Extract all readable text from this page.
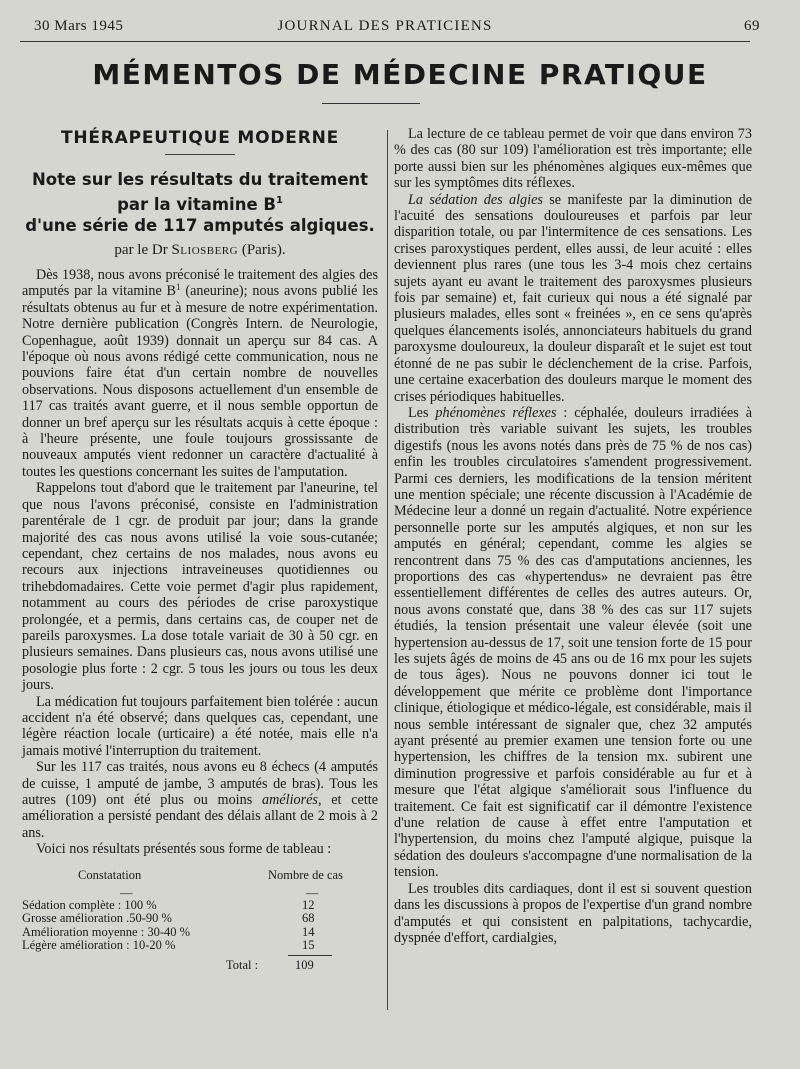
30 Mars 1945	JOURNAL DES PRATICIENS	69
MÉMENTOS DE MÉDECINE PRATIQUE
THÉRAPEUTIQUE MODERNE
Note sur les résultats du traitement
par la vitamine $B^1$
d'une série de 117 amputés algiques.
par le Dr Sliosberg (Paris).

Dès 1938, nous avons préconisé le traitement des algies des amputés par la vitamine $B^1$ (aneurine); nous avons publié les résultats obtenus au fur et à mesure de notre expérimentation. Notre dernière publication (Congrès Intern. de Neurologie, Copenhague, août 1939) donnait un aperçu sur 84 cas. A l'époque où nous avons rédigé cette communication, nous ne pouvions faire état d'un certain nombre de nouvelles observations. Nous disposons actuellement d'un ensemble de 117 cas traités avant guerre, et il nous semble opportun de donner un bref aperçu sur les résultats acquis à cette époque : à l'heure présente, une foule toujours grossissante de nouveaux amputés vient redonner un caractère d'actualité à toutes les questions concernant les suites de l'amputation.

Rappelons tout d'abord que le traitement par l'aneurine, tel que nous l'avons préconisé, consiste en l'administration parentérale de 1 cgr. de produit par jour; dans la grande majorité des cas nous avons utilisé la voie sous-cutanée; cependant, chez certains de nos malades, nous avons eu recours aux injections intraveineuses quotidiennes ou trihebdomadaires. Cette voie permet d'agir plus rapidement, notamment au cours des périodes de crise paroxystique prolongée, et a permis, dans certains cas, de couper net de pareils paroxysmes. La dose totale variait de 30 à 50 cgr. en plusieurs semaines. Dans plusieurs cas, nous avons utilisé une posologie plus forte : 2 cgr. 5 tous les jours ou tous les deux jours.

La médication fut toujours parfaitement bien tolérée : aucun accident n'a été observé; dans quelques cas, cependant, une légère réaction locale (urticaire) a été notée, mais elle n'a jamais motivé l'interruption du traitement.

Sur les 117 cas traités, nous avons eu 8 échecs (4 amputés de cuisse, 1 amputé de jambe, 3 amputés de bras). Tous les autres (109) ont été plus ou moins améliorés, et cette amélioration a persisté pendant des délais allant de 2 mois à 2 ans.

Voici nos résultats présentés sous forme de tableau :

Constatation	Nombre de cas
—	—
Sédation complète : 100 %	12
Grosse amélioration .50-90 %	68
Amélioration moyenne : 30-40 %	14
Légère amélioration : 10-20 %	15
Total :	109

La lecture de ce tableau permet de voir que dans environ 73 % des cas (80 sur 109) l'amélioration est très importante; elle porte aussi bien sur les phénomènes algiques eux-mêmes que sur les symptômes dits réflexes.

La sédation des algies se manifeste par la diminution de l'acuité des sensations douloureuses et parfois par leur disparition totale, ou par l'intermitence de ces sensations. Les crises paroxystiques perdent, elles aussi, de leur acuité : elles deviennent plus rares (une tous les 3-4 mois chez certains sujets ayant eu avant le traitement des paroxysmes plusieurs fois par semaine) et, fait curieux qui nous a été signalé par plusieurs malades, elles sont « freinées », en ce sens qu'après quelques élancements isolés, annonciateurs habituels du grand paroxysme douloureux, la douleur disparaît et le sujet est tout étonné de ne pas subir le déclenchement de la crise. Parfois, une certaine exacerbation des douleurs marque le moment des crises périodiques habituelles.

Les phénomènes réflexes : céphalée, douleurs irradiées à distribution très variable suivant les sujets, les troubles digestifs (nous les avons notés dans près de 75 % de nos cas) enfin les troubles circulatoires s'amendent progressivement. Parmi ces derniers, les modifications de la tension méritent une mention spéciale; une récente discussion à l'Académie de Médecine leur a donné un regain d'actualité. Notre expérience personnelle porte sur les amputés algiques, et non sur les amputés en général; cependant, comme les algies se rencontrent dans 75 % des cas d'amputations anciennes, les proportions des cas «hypertendus» ne devraient pas être essentiellement différentes de celles des autres auteurs. Or, nous avons constaté que, dans 38 % des cas sur 117 sujets étudiés, la tension présentait une valeur élevée (soit une hypertension au-dessus de 17, soit une tension forte de 15 pour les sujets âgés de moins de 45 ans ou de 16 mx pour les sujets de tous âges). Nous ne pouvons donner ici tout le développement que mérite ce problème dont l'importance clinique, étiologique et médico-légale, est considérable, mais il nous semble intéressant de signaler que, chez 32 amputés ayant présenté au premier examen une tension forte ou une hypertension, les chiffres de la tension mx. subirent une diminution progressive et parfois considérable au fur et à mesure que l'état algique s'améliorait sous l'influence du traitement. Ce fait est significatif car il démontre l'existence d'une relation de cause à effet entre l'amputation et l'hypertension, du moins chez l'amputé algique, puisque la sédation des douleurs s'accompagne d'une normalisation de la tension.

Les troubles dits cardiaques, dont il est si souvent question dans les discussions à propos de l'expertise d'un grand nombre d'amputés et qui consistent en palpitations, tachycardie, dyspnée d'effort, cardialgies,
